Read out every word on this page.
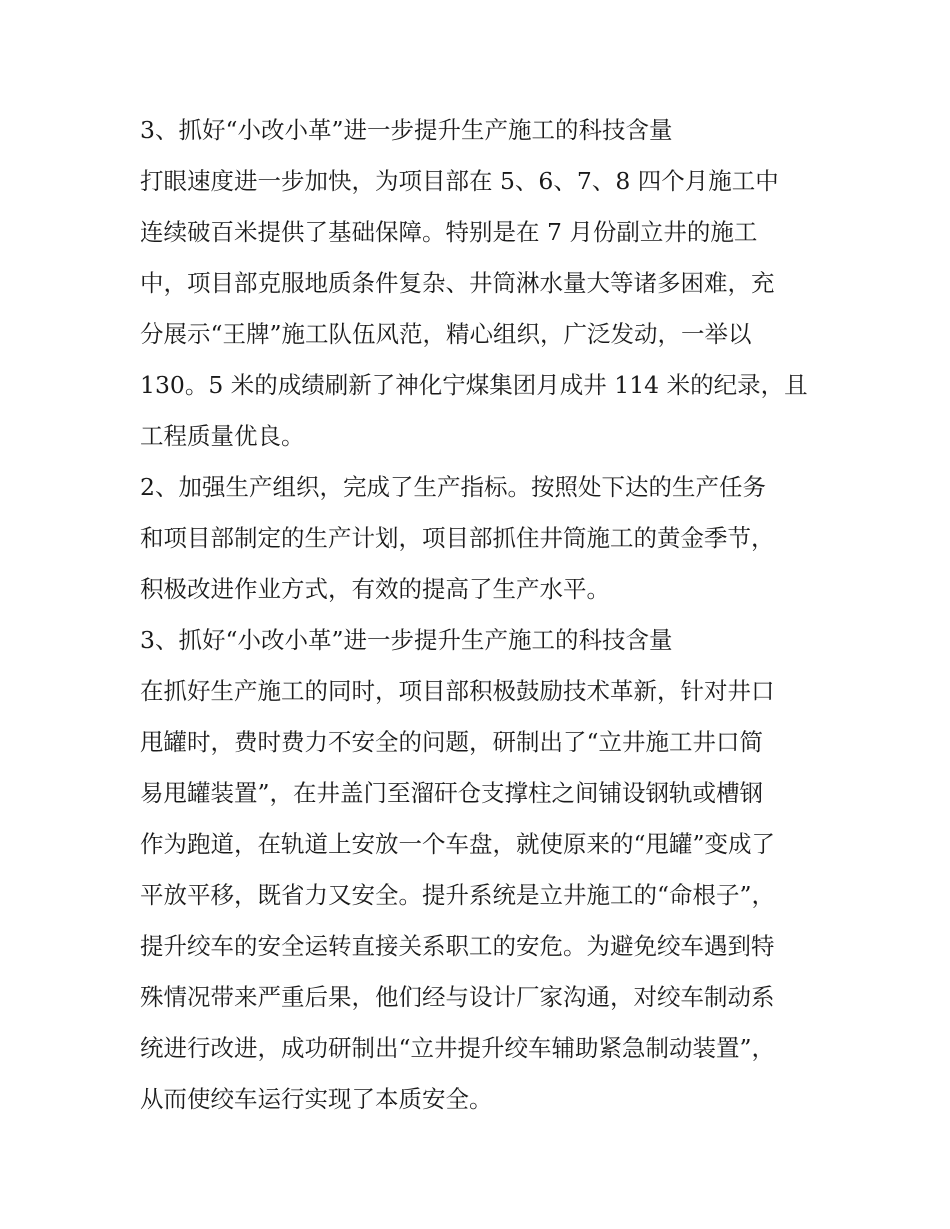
3、抓好“小改小革”进一步提升生产施工的科技含量
打眼速度进一步加快，为项目部在 5、6、7、8 四个月施工中
连续破百米提供了基础保障。特别是在 7 月份副立井的施工
中，项目部克服地质条件复杂、井筒淋水量大等诸多困难，充
分展示“王牌”施工队伍风范，精心组织，广泛发动，一举以
130。5 米的成绩刷新了神化宁煤集团月成井 114 米的纪录，且
工程质量优良。
2、加强生产组织，完成了生产指标。按照处下达的生产任务
和项目部制定的生产计划，项目部抓住井筒施工的黄金季节，
积极改进作业方式，有效的提高了生产水平。
3、抓好“小改小革”进一步提升生产施工的科技含量
在抓好生产施工的同时，项目部积极鼓励技术革新，针对井口
甩罐时，费时费力不安全的问题，研制出了“立井施工井口简
易甩罐装置”，在井盖门至溜矸仓支撑柱之间铺设钢轨或槽钢
作为跑道，在轨道上安放一个车盘，就使原来的“甩罐”变成了
平放平移，既省力又安全。提升系统是立井施工的“命根子”，
提升绞车的安全运转直接关系职工的安危。为避免绞车遇到特
殊情况带来严重后果，他们经与设计厂家沟通，对绞车制动系
统进行改进，成功研制出“立井提升绞车辅助紧急制动装置”，
从而使绞车运行实现了本质安全。
